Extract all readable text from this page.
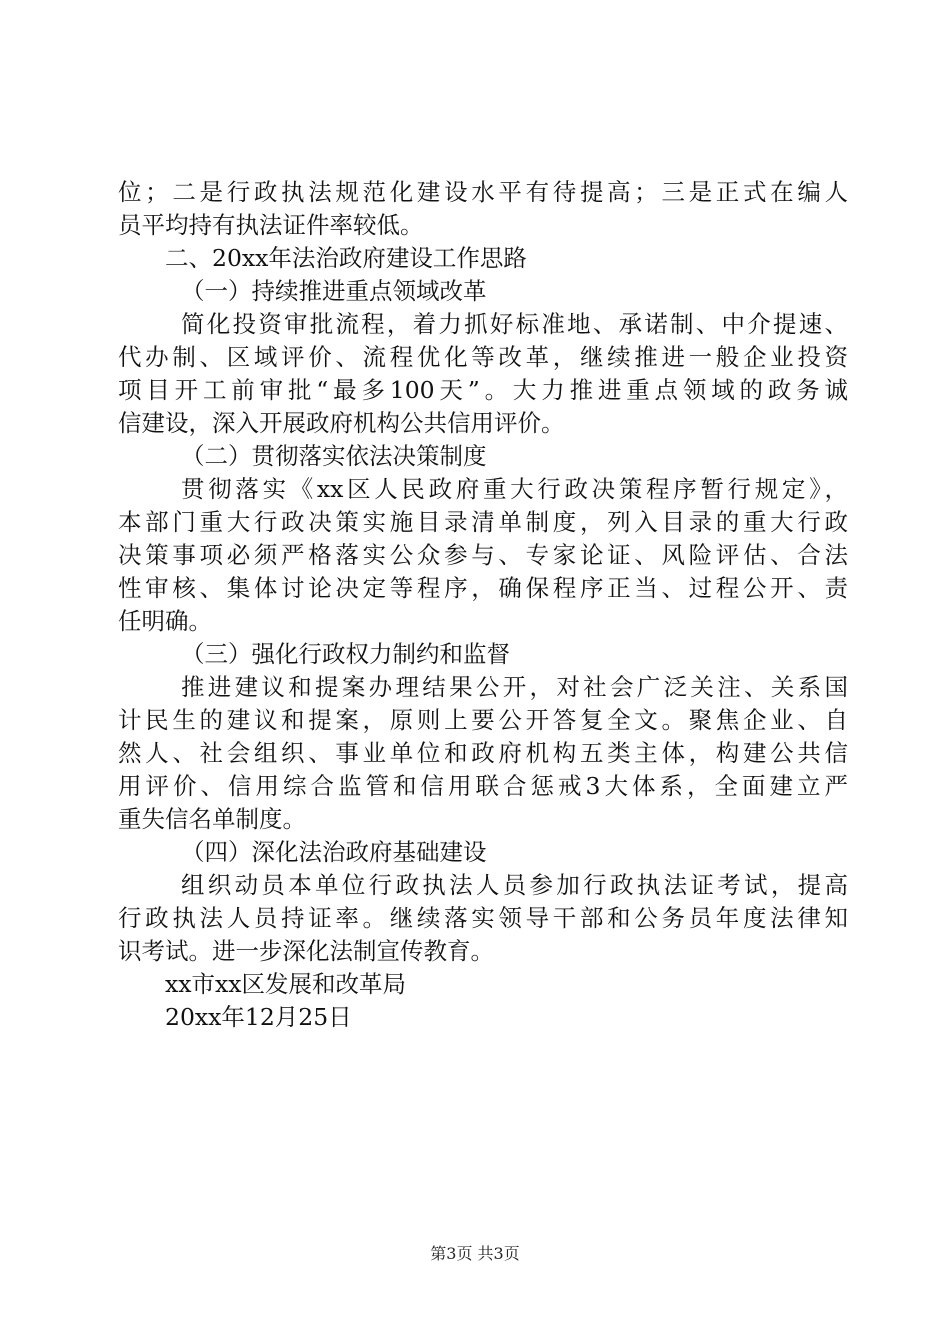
位；二是行政执法规范化建设水平有待提高；三是正式在编人
员平均持有执法证件率较低。
二、20xx年法治政府建设工作思路
（一）持续推进重点领域改革
简化投资审批流程，着力抓好标准地、承诺制、中介提速、
代办制、区域评价、流程优化等改革，继续推进一般企业投资
项目开工前审批“最多100天”。大力推进重点领域的政务诚
信建设，深入开展政府机构公共信用评价。
（二）贯彻落实依法决策制度
贯彻落实《xx区人民政府重大行政决策程序暂行规定》，
本部门重大行政决策实施目录清单制度，列入目录的重大行政
决策事项必须严格落实公众参与、专家论证、风险评估、合法
性审核、集体讨论决定等程序，确保程序正当、过程公开、责
任明确。
（三）强化行政权力制约和监督
推进建议和提案办理结果公开，对社会广泛关注、关系国
计民生的建议和提案，原则上要公开答复全文。聚焦企业、自
然人、社会组织、事业单位和政府机构五类主体，构建公共信
用评价、信用综合监管和信用联合惩戒3大体系，全面建立严
重失信名单制度。
（四）深化法治政府基础建设
组织动员本单位行政执法人员参加行政执法证考试，提高
行政执法人员持证率。继续落实领导干部和公务员年度法律知
识考试。进一步深化法制宣传教育。
xx市xx区发展和改革局
20xx年12月25日
第3页 共3页
